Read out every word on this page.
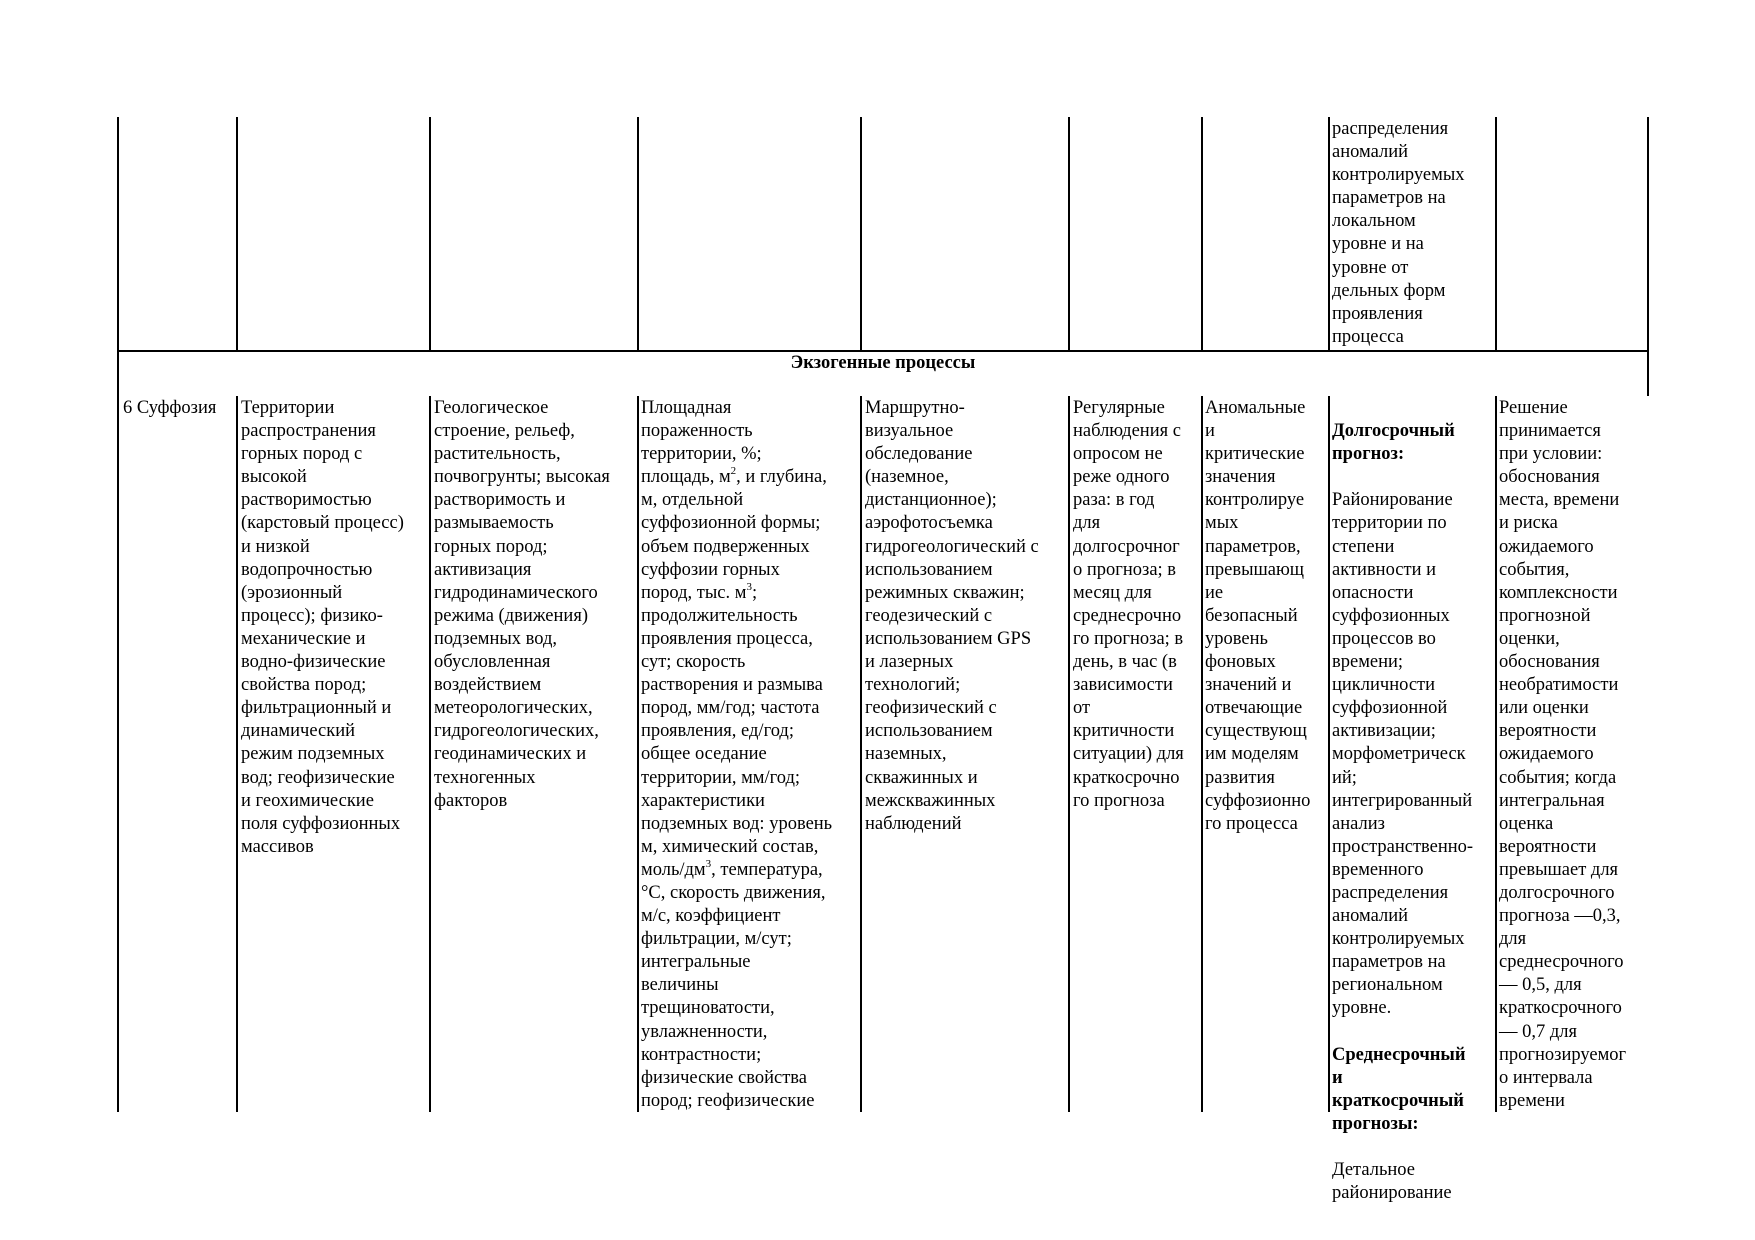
распределения
аномалий
контролируемых
параметров на
локальном
уровне и на
уровне от
дельных форм
проявления
процесса
Экзогенные процессы
6 Суффозия	Территории
распространения
горных пород с
высокой
растворимостью
(карстовый процесс)
и низкой
водопрочностью
(эрозионный
процесс); физико-
механические и
водно-физические
свойства пород;
фильтрационный и
динамический
режим подземных
вод; геофизические
и геохимические
поля суффозионных
массивов
Геологическое
строение, рельеф,
растительность,
почвогрунты; высокая
растворимость и
размываемость
горных пород;
активизация
гидродинамического
режима (движения)
подземных вод,
обусловленная
воздействием
метеорологических,
гидрогеологических,
геодинамических и
техногенных
факторов
Площадная
пораженность
территории, %;
площадь, $м^2$, и глубина,
м, отдельной
суффозионной формы;
объем подверженных
суффозии горных
пород, тыс. $м^3$;
продолжительность
проявления процесса,
сут; скорость
растворения и размыва
пород, мм/год; частота
проявления, ед/год;
общее оседание
территории, мм/год;
характеристики
подземных вод: уровень
м, химический состав,
моль/$дм^3$, температура,
°С, скорость движения,
м/с, коэффициент
фильтрации, м/сут;
интегральные
величины
трещиноватости,
увлажненности,
контрастности;
физические свойства
пород; геофизические
Маршрутно-
визуальное
обследование
(наземное,
дистанционное);
аэрофотосъемка
гидрогеологический с
использованием
режимных скважин;
геодезический с
использованием GPS
и лазерных
технологий;
геофизический с
использованием
наземных,
скважинных и
межскважинных
наблюдений
Регулярные
наблюдения с
опросом не
реже одного
раза: в год
для
долгосрочног
о прогноза; в
месяц для
среднесрочно
го прогноза; в
день, в час (в
зависимости
от
критичности
ситуации) для
краткосрочно
го прогноза
Аномальные
и
критические
значения
контролируе
мых
параметров,
превышающ
ие
безопасный
уровень
фоновых
значений и
отвечающие
существующ
им моделям
развития
суффозионно
го процесса

Долгосрочный
прогноз:

Районирование
территории по
степени
активности и
опасности
суффозионных
процессов во
времени;
цикличности
суффозионной
активизации;
морфометрическ
ий;
интегрированный
анализ
пространственно-
временного
распределения
аномалий
контролируемых
параметров на
региональном
уровне.

Среднесрочный
и
краткосрочный
прогнозы:

Детальное
районирование

Решение
принимается
при условии:
обоснования
места, времени
и риска
ожидаемого
события,
комплексности
прогнозной
оценки,
обоснования
необратимости
или оценки
вероятности
ожидаемого
события; когда
интегральная
оценка
вероятности
превышает для
долгосрочного
прогноза —0,3,
для
среднесрочного
— 0,5, для
краткосрочного
— 0,7 для
прогнозируемог
о интервала
времени
